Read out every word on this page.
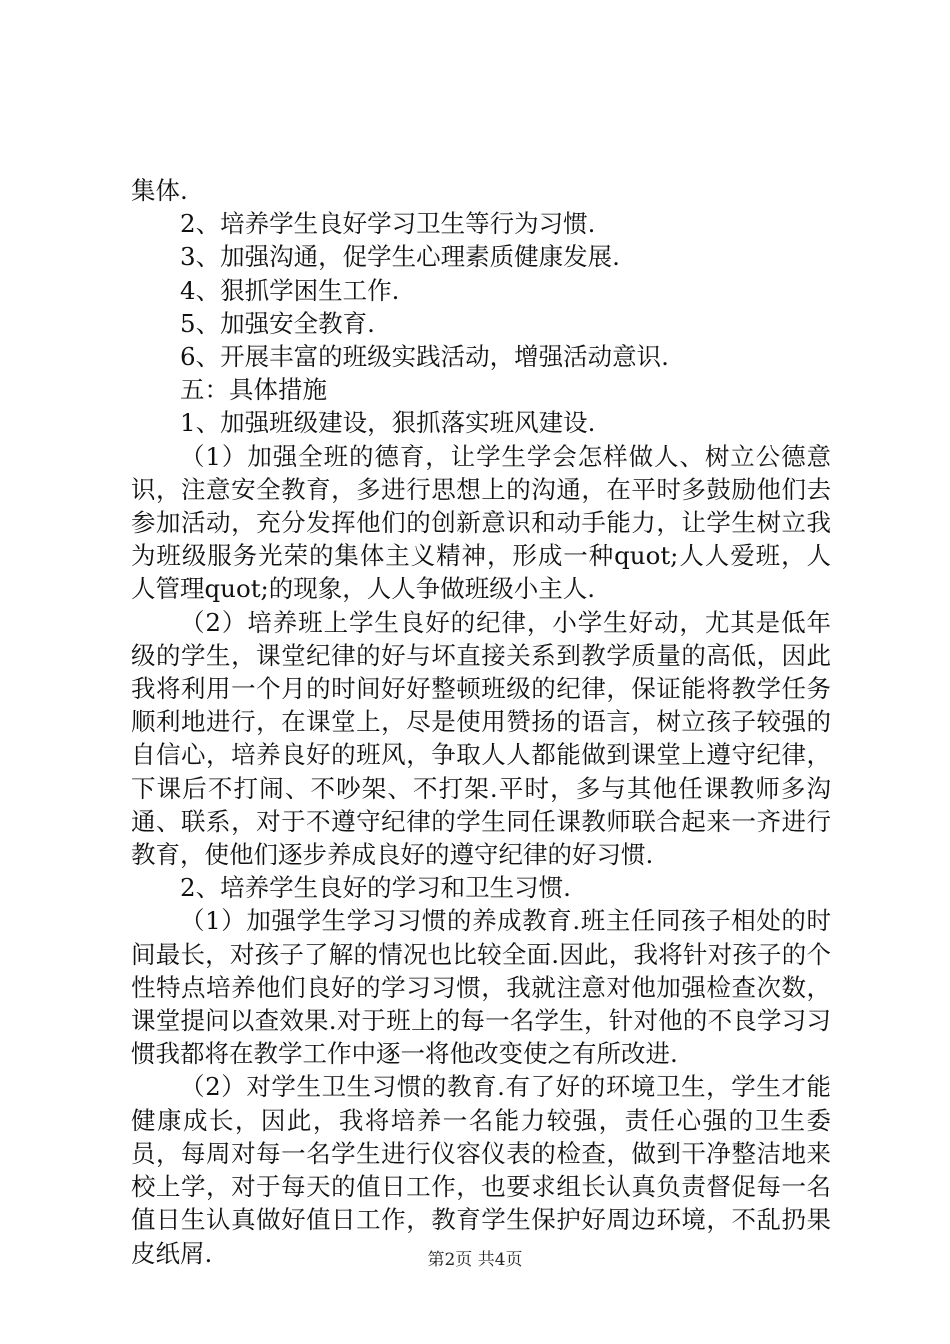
集体.

2、培养学生良好学习卫生等行为习惯.

3、加强沟通，促学生心理素质健康发展.

4、狠抓学困生工作.

5、加强安全教育.

6、开展丰富的班级实践活动，增强活动意识.

五：具体措施

1、加强班级建设，狠抓落实班风建设.

（1）加强全班的德育，让学生学会怎样做人、树立公德意识，注意安全教育，多进行思想上的沟通，在平时多鼓励他们去参加活动，充分发挥他们的创新意识和动手能力，让学生树立我为班级服务光荣的集体主义精神，形成一种quot;人人爱班，人人管理quot;的现象，人人争做班级小主人.

（2）培养班上学生良好的纪律，小学生好动，尤其是低年级的学生，课堂纪律的好与坏直接关系到教学质量的高低，因此我将利用一个月的时间好好整顿班级的纪律，保证能将教学任务顺利地进行，在课堂上，尽是使用赞扬的语言，树立孩子较强的自信心，培养良好的班风，争取人人都能做到课堂上遵守纪律，下课后不打闹、不吵架、不打架.平时，多与其他任课教师多沟通、联系，对于不遵守纪律的学生同任课教师联合起来一齐进行教育，使他们逐步养成良好的遵守纪律的好习惯.

2、培养学生良好的学习和卫生习惯.

（1）加强学生学习习惯的养成教育.班主任同孩子相处的时间最长，对孩子了解的情况也比较全面.因此，我将针对孩子的个性特点培养他们良好的学习习惯，我就注意对他加强检查次数，课堂提问以查效果.对于班上的每一名学生，针对他的不良学习习惯我都将在教学工作中逐一将他改变使之有所改进.

（2）对学生卫生习惯的教育.有了好的环境卫生，学生才能健康成长，因此，我将培养一名能力较强，责任心强的卫生委员，每周对每一名学生进行仪容仪表的检查，做到干净整洁地来校上学，对于每天的值日工作，也要求组长认真负责督促每一名值日生认真做好值日工作，教育学生保护好周边环境，不乱扔果皮纸屑.	第2页 共4页
